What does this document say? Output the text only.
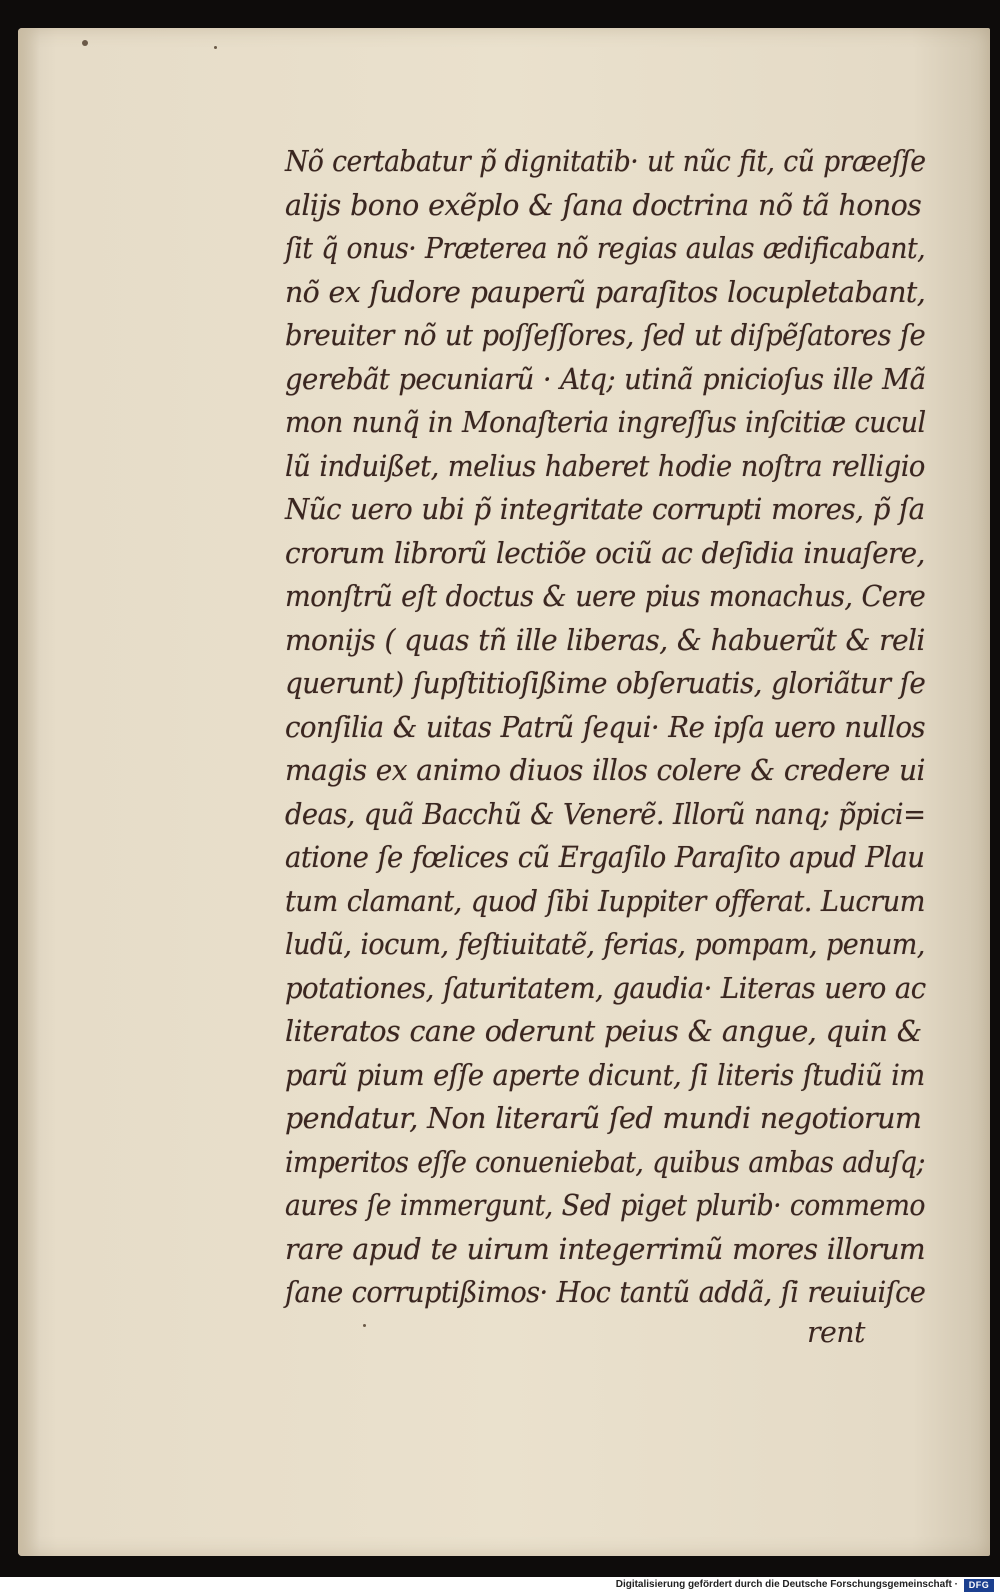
Nõ certabatur p̃ dignitatib· ut nũc fit, cũ præeſſe
alijs bono exẽplo & ſana doctrina nõ tã honos
ſit q̃ onus· Præterea nõ regias aulas ædificabant,
nõ ex ſudore pauperũ paraſitos locupletabant,
breuiter nõ ut poſſeſſores, ſed ut diſpẽſatores ſe
gerebãt pecuniarũ · Atq; utinã pnicioſus ille Mã
mon nunq̃ in Monaſteria ingreſſus inſcitiæ cucul
lũ induißet, melius haberet hodie noſtra relligio
Nũc uero ubi p̃ integritate corrupti mores, p̃ ſa
crorum librorũ lectiõe ociũ ac deſidia inuaſere,
monſtrũ eſt doctus & uere pius monachus, Cere
monijs ( quas tñ ille liberas, & habuerũt & reli
querunt) ſupſtitioſißime obſeruatis, gloriãtur ſe
conſilia & uitas Patrũ ſequi· Re ipſa uero nullos
magis ex animo diuos illos colere & credere ui
deas, quã Bacchũ & Venerẽ. Illorũ nanq; p̃pici=
atione ſe fœlices cũ Ergaſilo Paraſito apud Plau
tum clamant, quod ſibi Iuppiter offerat. Lucrum
ludũ, iocum, feſtiuitatẽ, ferias, pompam, penum,
potationes, ſaturitatem, gaudia· Literas uero ac
literatos cane oderunt peius & angue, quin &
parũ pium eſſe aperte dicunt, ſi literis ſtudiũ im
pendatur, Non literarũ ſed mundi negotiorum
imperitos eſſe conueniebat, quibus ambas aduſq;
aures ſe immergunt, Sed piget plurib· commemo
rare apud te uirum integerrimũ mores illorum
ſane corruptißimos· Hoc tantũ addã, ſi reuiuiſce
rent
Digitalisierung gefördert durch die Deutsche Forschungsgemeinschaft ·	DFG
